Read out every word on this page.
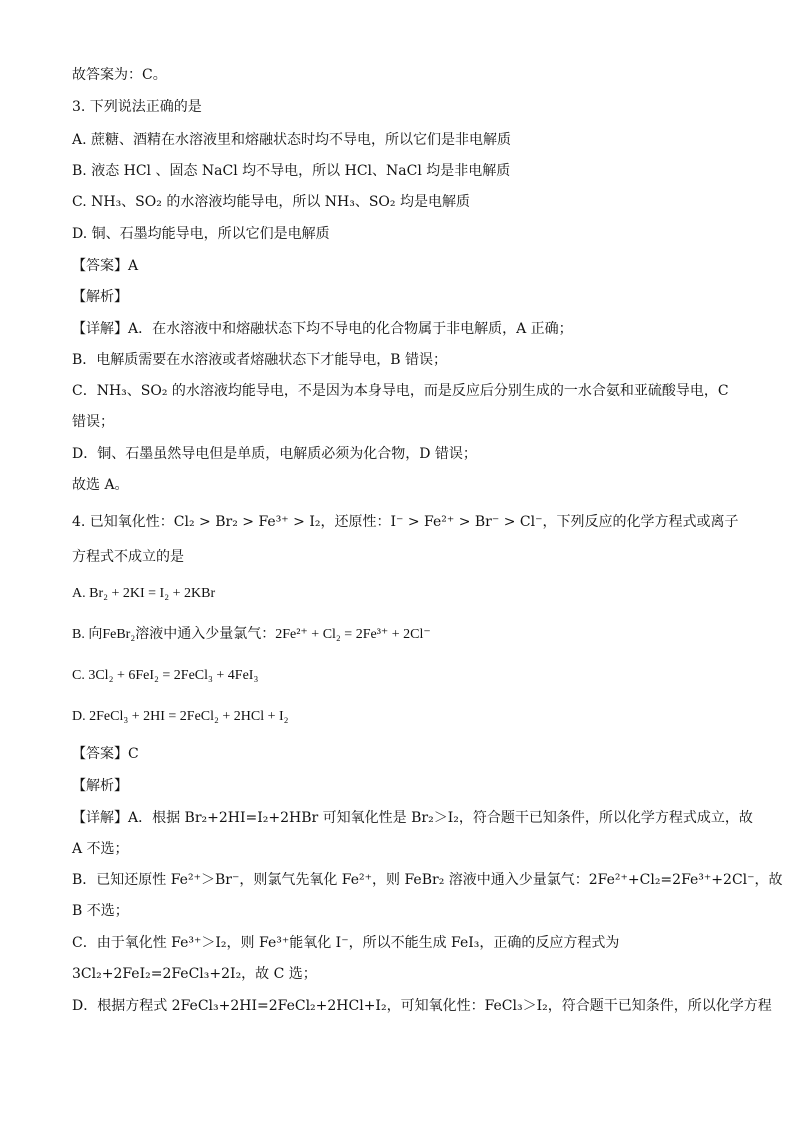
故答案为：C。
3. 下列说法正确的是
A. 蔗糖、酒精在水溶液里和熔融状态时均不导电，所以它们是非电解质
B. 液态 HCl 、固态 NaCl 均不导电，所以 HCl、NaCl 均是非电解质
C. NH₃、SO₂ 的水溶液均能导电，所以 NH₃、SO₂ 均是电解质
D. 铜、石墨均能导电，所以它们是电解质
【答案】A
【解析】
【详解】A．在水溶液中和熔融状态下均不导电的化合物属于非电解质，A 正确；
B．电解质需要在水溶液或者熔融状态下才能导电，B 错误；
C．NH₃、SO₂ 的水溶液均能导电，不是因为本身导电，而是反应后分别生成的一水合氨和亚硫酸导电，C
错误；
D．铜、石墨虽然导电但是单质，电解质必须为化合物，D 错误；
故选 A。
4. 已知氧化性：Cl₂ > Br₂ > Fe³⁺ > I₂，还原性：I⁻ > Fe²⁺ > Br⁻ > Cl⁻，下列反应的化学方程式或离子
方程式不成立的是
A. Br₂ + 2KI = I₂ + 2KBr
B. 向FeBr₂溶液中通入少量氯气：2Fe²⁺ + Cl₂ = 2Fe³⁺ + 2Cl⁻
C. 3Cl₂ + 6FeI₂ = 2FeCl₃ + 4FeI₃
D. 2FeCl₃ + 2HI = 2FeCl₂ + 2HCl + I₂
【答案】C
【解析】
【详解】A．根据 Br₂+2HI=I₂+2HBr 可知氧化性是 Br₂＞I₂，符合题干已知条件，所以化学方程式成立，故
A 不选；
B．已知还原性 Fe²⁺＞Br⁻，则氯气先氧化 Fe²⁺，则 FeBr₂ 溶液中通入少量氯气：2Fe²⁺+Cl₂=2Fe³⁺+2Cl⁻，故
B 不选；
C．由于氧化性 Fe³⁺＞I₂，则 Fe³⁺能氧化 I⁻，所以不能生成 FeI₃，正确的反应方程式为
3Cl₂+2FeI₂=2FeCl₃+2I₂，故 C 选；
D．根据方程式 2FeCl₃+2HI=2FeCl₂+2HCl+I₂，可知氧化性：FeCl₃＞I₂，符合题干已知条件，所以化学方程
